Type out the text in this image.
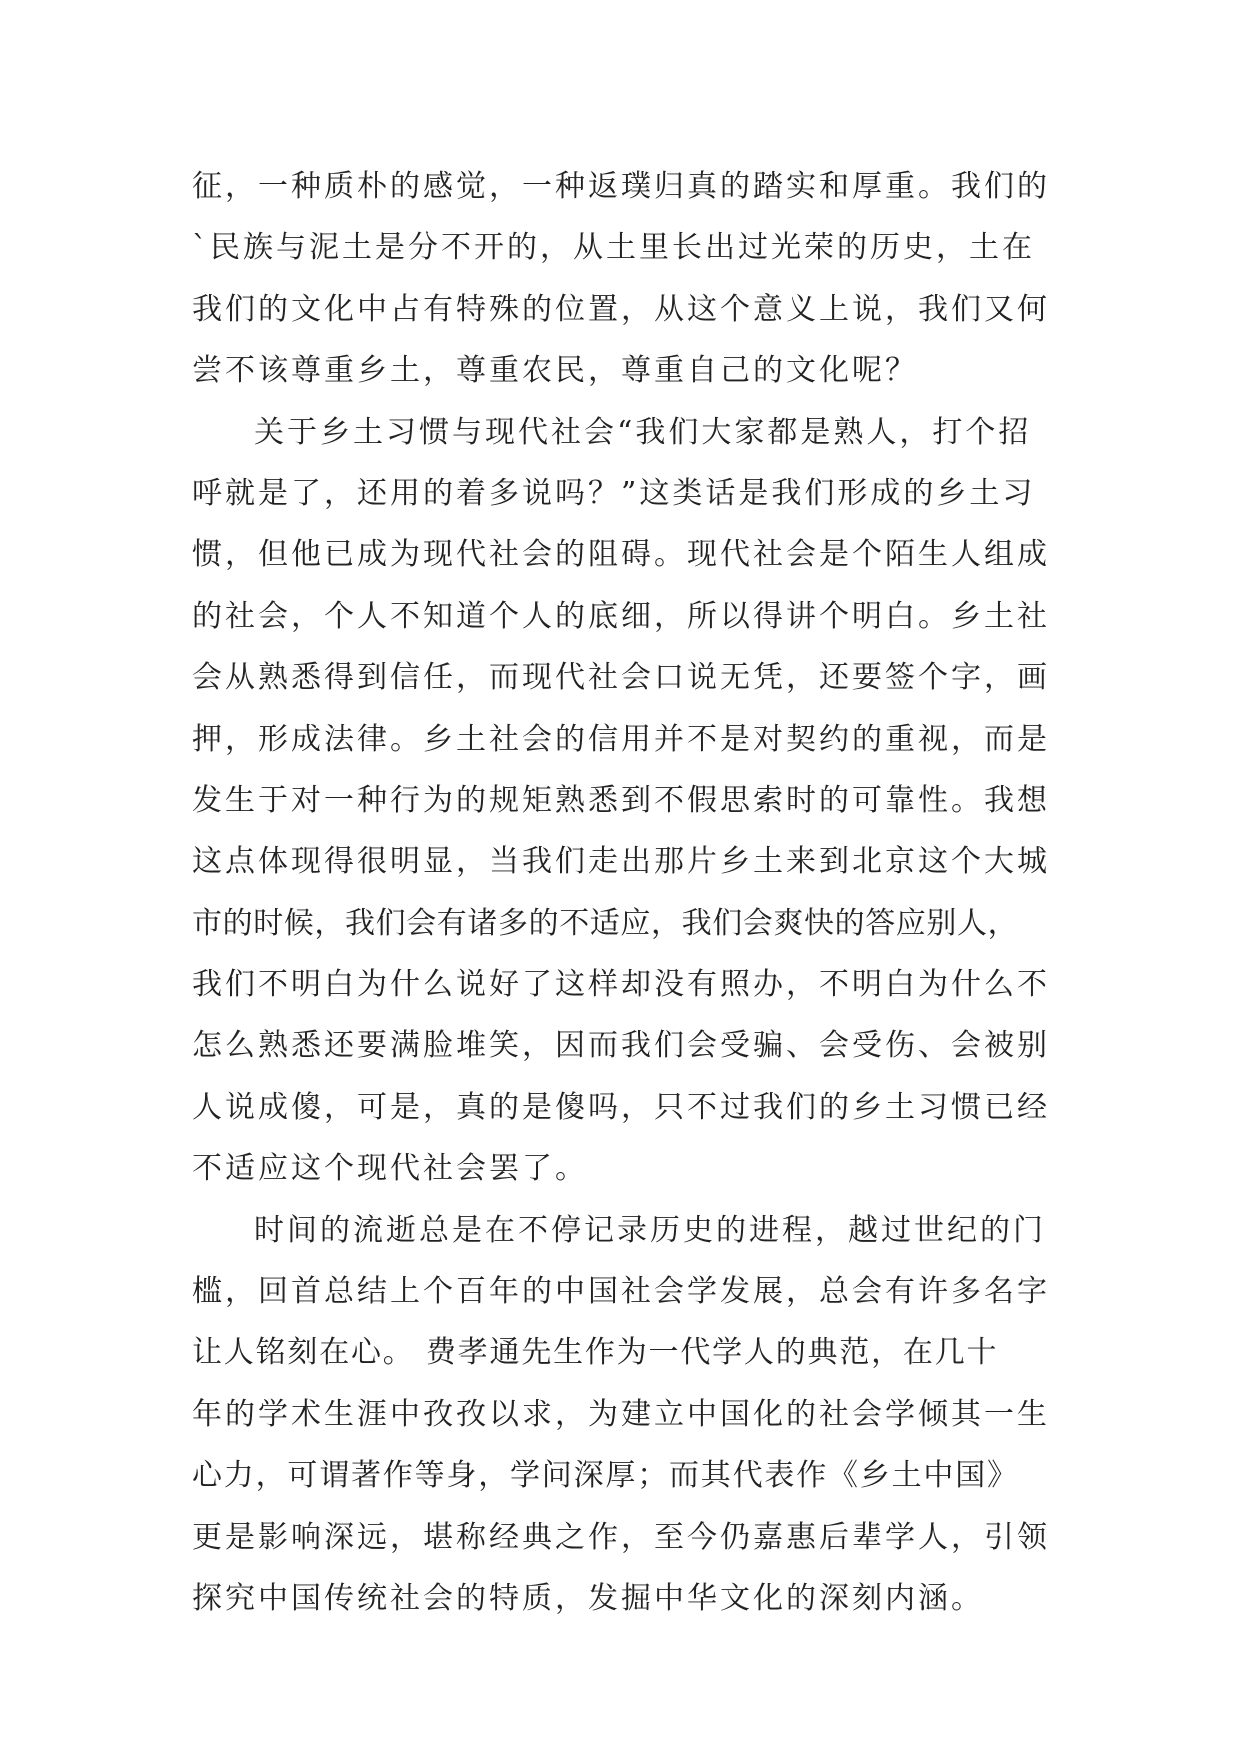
征，一种质朴的感觉，一种返璞归真的踏实和厚重。我们的
`民族与泥土是分不开的，从土里长出过光荣的历史，土在
我们的文化中占有特殊的位置，从这个意义上说，我们又何
尝不该尊重乡土，尊重农民，尊重自己的文化呢？
关于乡土习惯与现代社会“我们大家都是熟人，打个招
呼就是了，还用的着多说吗？”这类话是我们形成的乡土习
惯，但他已成为现代社会的阻碍。现代社会是个陌生人组成
的社会，个人不知道个人的底细，所以得讲个明白。乡土社
会从熟悉得到信任，而现代社会口说无凭，还要签个字，画
押，形成法律。乡土社会的信用并不是对契约的重视，而是
发生于对一种行为的规矩熟悉到不假思索时的可靠性。我想
这点体现得很明显，当我们走出那片乡土来到北京这个大城
市的时候，我们会有诸多的不适应，我们会爽快的答应别人，
我们不明白为什么说好了这样却没有照办，不明白为什么不
怎么熟悉还要满脸堆笑，因而我们会受骗、会受伤、会被别
人说成傻，可是，真的是傻吗，只不过我们的乡土习惯已经
不适应这个现代社会罢了。
时间的流逝总是在不停记录历史的进程，越过世纪的门
槛，回首总结上个百年的中国社会学发展，总会有许多名字
让人铭刻在心。 费孝通先生作为一代学人的典范，在几十
年的学术生涯中孜孜以求，为建立中国化的社会学倾其一生
心力，可谓著作等身，学问深厚；而其代表作《乡土中国》
更是影响深远，堪称经典之作，至今仍嘉惠后辈学人，引领
探究中国传统社会的特质，发掘中华文化的深刻内涵。
